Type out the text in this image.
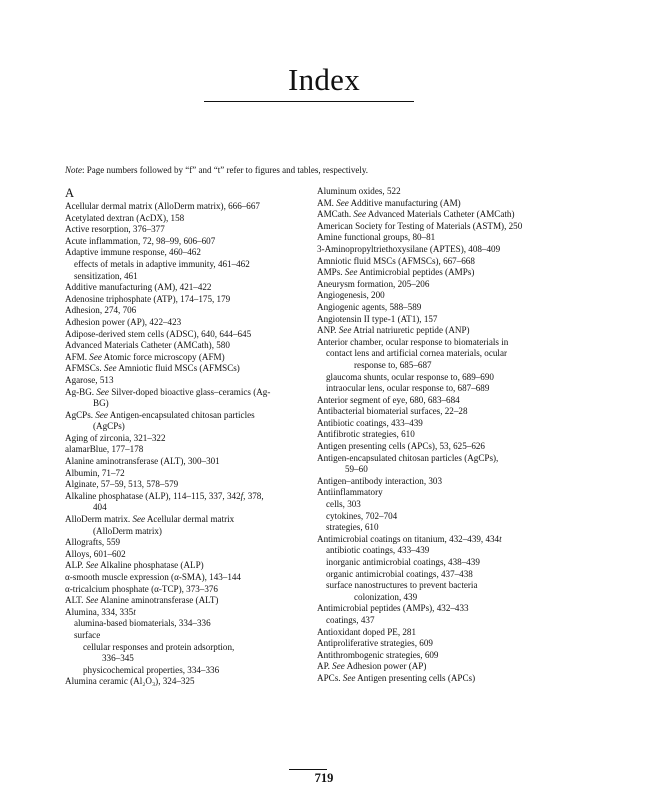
Index
Note: Page numbers followed by “f” and “t” refer to figures and tables, respectively.
A
Acellular dermal matrix (AlloDerm matrix), 666–667
Acetylated dextran (AcDX), 158
Active resorption, 376–377
Acute inflammation, 72, 98–99, 606–607
Adaptive immune response, 460–462
effects of metals in adaptive immunity, 461–462
sensitization, 461
Additive manufacturing (AM), 421–422
Adenosine triphosphate (ATP), 174–175, 179
Adhesion, 274, 706
Adhesion power (AP), 422–423
Adipose-derived stem cells (ADSC), 640, 644–645
Advanced Materials Catheter (AMCath), 580
AFM. See Atomic force microscopy (AFM)
AFMSCs. See Amniotic fluid MSCs (AFMSCs)
Agarose, 513
Ag-BG. See Silver-doped bioactive glass–ceramics (Ag-
BG)
AgCPs. See Antigen-encapsulated chitosan particles
(AgCPs)
Aging of zirconia, 321–322
alamarBlue, 177–178
Alanine aminotransferase (ALT), 300–301
Albumin, 71–72
Alginate, 57–59, 513, 578–579
Alkaline phosphatase (ALP), 114–115, 337, 342f, 378,
404
AlloDerm matrix. See Acellular dermal matrix
(AlloDerm matrix)
Allografts, 559
Alloys, 601–602
ALP. See Alkaline phosphatase (ALP)
α-smooth muscle expression (α-SMA), 143–144
α-tricalcium phosphate (α-TCP), 373–376
ALT. See Alanine aminotransferase (ALT)
Alumina, 334, 335t
alumina-based biomaterials, 334–336
surface
cellular responses and protein adsorption,
336–345
physicochemical properties, 334–336
Alumina ceramic (Al₂O₃), 324–325
Aluminum oxides, 522
AM. See Additive manufacturing (AM)
AMCath. See Advanced Materials Catheter (AMCath)
American Society for Testing of Materials (ASTM), 250
Amine functional groups, 80–81
3-Aminopropyltriethoxysilane (APTES), 408–409
Amniotic fluid MSCs (AFMSCs), 667–668
AMPs. See Antimicrobial peptides (AMPs)
Aneurysm formation, 205–206
Angiogenesis, 200
Angiogenic agents, 588–589
Angiotensin II type-1 (AT1), 157
ANP. See Atrial natriuretic peptide (ANP)
Anterior chamber, ocular response to biomaterials in
contact lens and artificial cornea materials, ocular
response to, 685–687
glaucoma shunts, ocular response to, 689–690
intraocular lens, ocular response to, 687–689
Anterior segment of eye, 680, 683–684
Antibacterial biomaterial surfaces, 22–28
Antibiotic coatings, 433–439
Antifibrotic strategies, 610
Antigen presenting cells (APCs), 53, 625–626
Antigen-encapsulated chitosan particles (AgCPs),
59–60
Antigen–antibody interaction, 303
Antiinflammatory
cells, 303
cytokines, 702–704
strategies, 610
Antimicrobial coatings on titanium, 432–439, 434t
antibiotic coatings, 433–439
inorganic antimicrobial coatings, 438–439
organic antimicrobial coatings, 437–438
surface nanostructures to prevent bacteria
colonization, 439
Antimicrobial peptides (AMPs), 432–433
coatings, 437
Antioxidant doped PE, 281
Antiproliferative strategies, 609
Antithrombogenic strategies, 609
AP. See Adhesion power (AP)
APCs. See Antigen presenting cells (APCs)
719
